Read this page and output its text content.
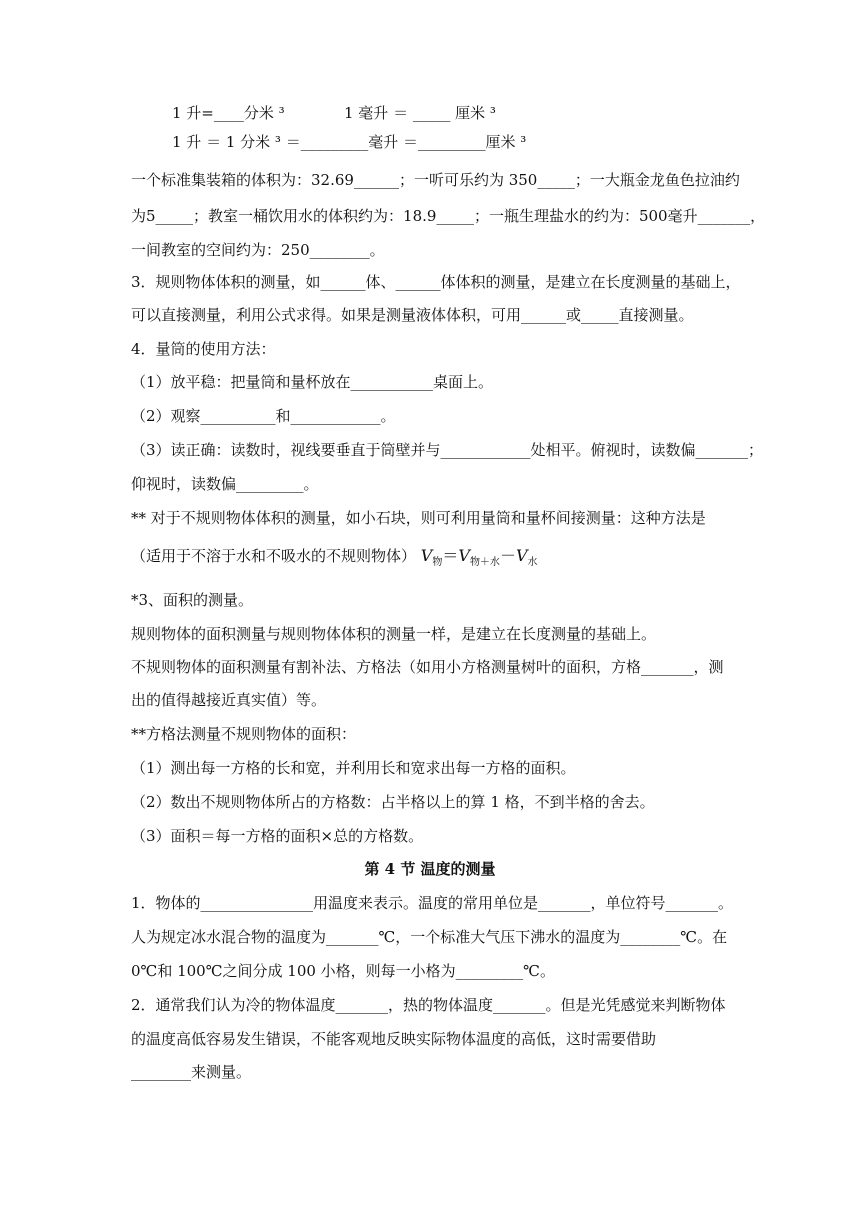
1 升=____分米 ³	1 毫升 ＝ _____ 厘米 ³
1 升 ＝ 1 分米 ³ ＝_________毫升 ＝_________厘米 ³
一个标准集装箱的体积为：32.69______；一听可乐约为 350_____；一大瓶金龙鱼色拉油约
为5_____；教室一桶饮用水的体积约为：18.9_____；一瓶生理盐水的约为：500毫升_______，
一间教室的空间约为：250________。
3．规则物体体积的测量，如______体、______体体积的测量，是建立在长度测量的基础上，
可以直接测量，利用公式求得。如果是测量液体体积，可用______或_____直接测量。
4．量筒的使用方法：
（1）放平稳：把量筒和量杯放在___________桌面上。
（2）观察__________和____________。
（3）读正确：读数时，视线要垂直于筒壁并与____________处相平。俯视时，读数偏_______；
仰视时，读数偏_________。
** 对于不规则物体体积的测量，如小石块，则可利用量筒和量杯间接测量：这种方法是
（适用于不溶于水和不吸水的不规则物体） $V_物=V_{物+水}-V_水$
*3、面积的测量。
规则物体的面积测量与规则物体体积的测量一样，是建立在长度测量的基础上。
不规则物体的面积测量有割补法、方格法（如用小方格测量树叶的面积，方格_______，测
出的值得越接近真实值）等。
**方格法测量不规则物体的面积：
（1）测出每一方格的长和宽，并利用长和宽求出每一方格的面积。
（2）数出不规则物体所占的方格数：占半格以上的算 1 格，不到半格的舍去。
（3）面积＝每一方格的面积×总的方格数。
第 4 节 温度的测量
1．物体的_______________用温度来表示。温度的常用单位是_______，单位符号_______。
人为规定冰水混合物的温度为_______℃，一个标准大气压下沸水的温度为________℃。在
0℃和 100℃之间分成 100 小格，则每一小格为_________℃。
2．通常我们认为冷的物体温度_______，热的物体温度_______。但是光凭感觉来判断物体
的温度高低容易发生错误，不能客观地反映实际物体温度的高低，这时需要借助
________来测量。
